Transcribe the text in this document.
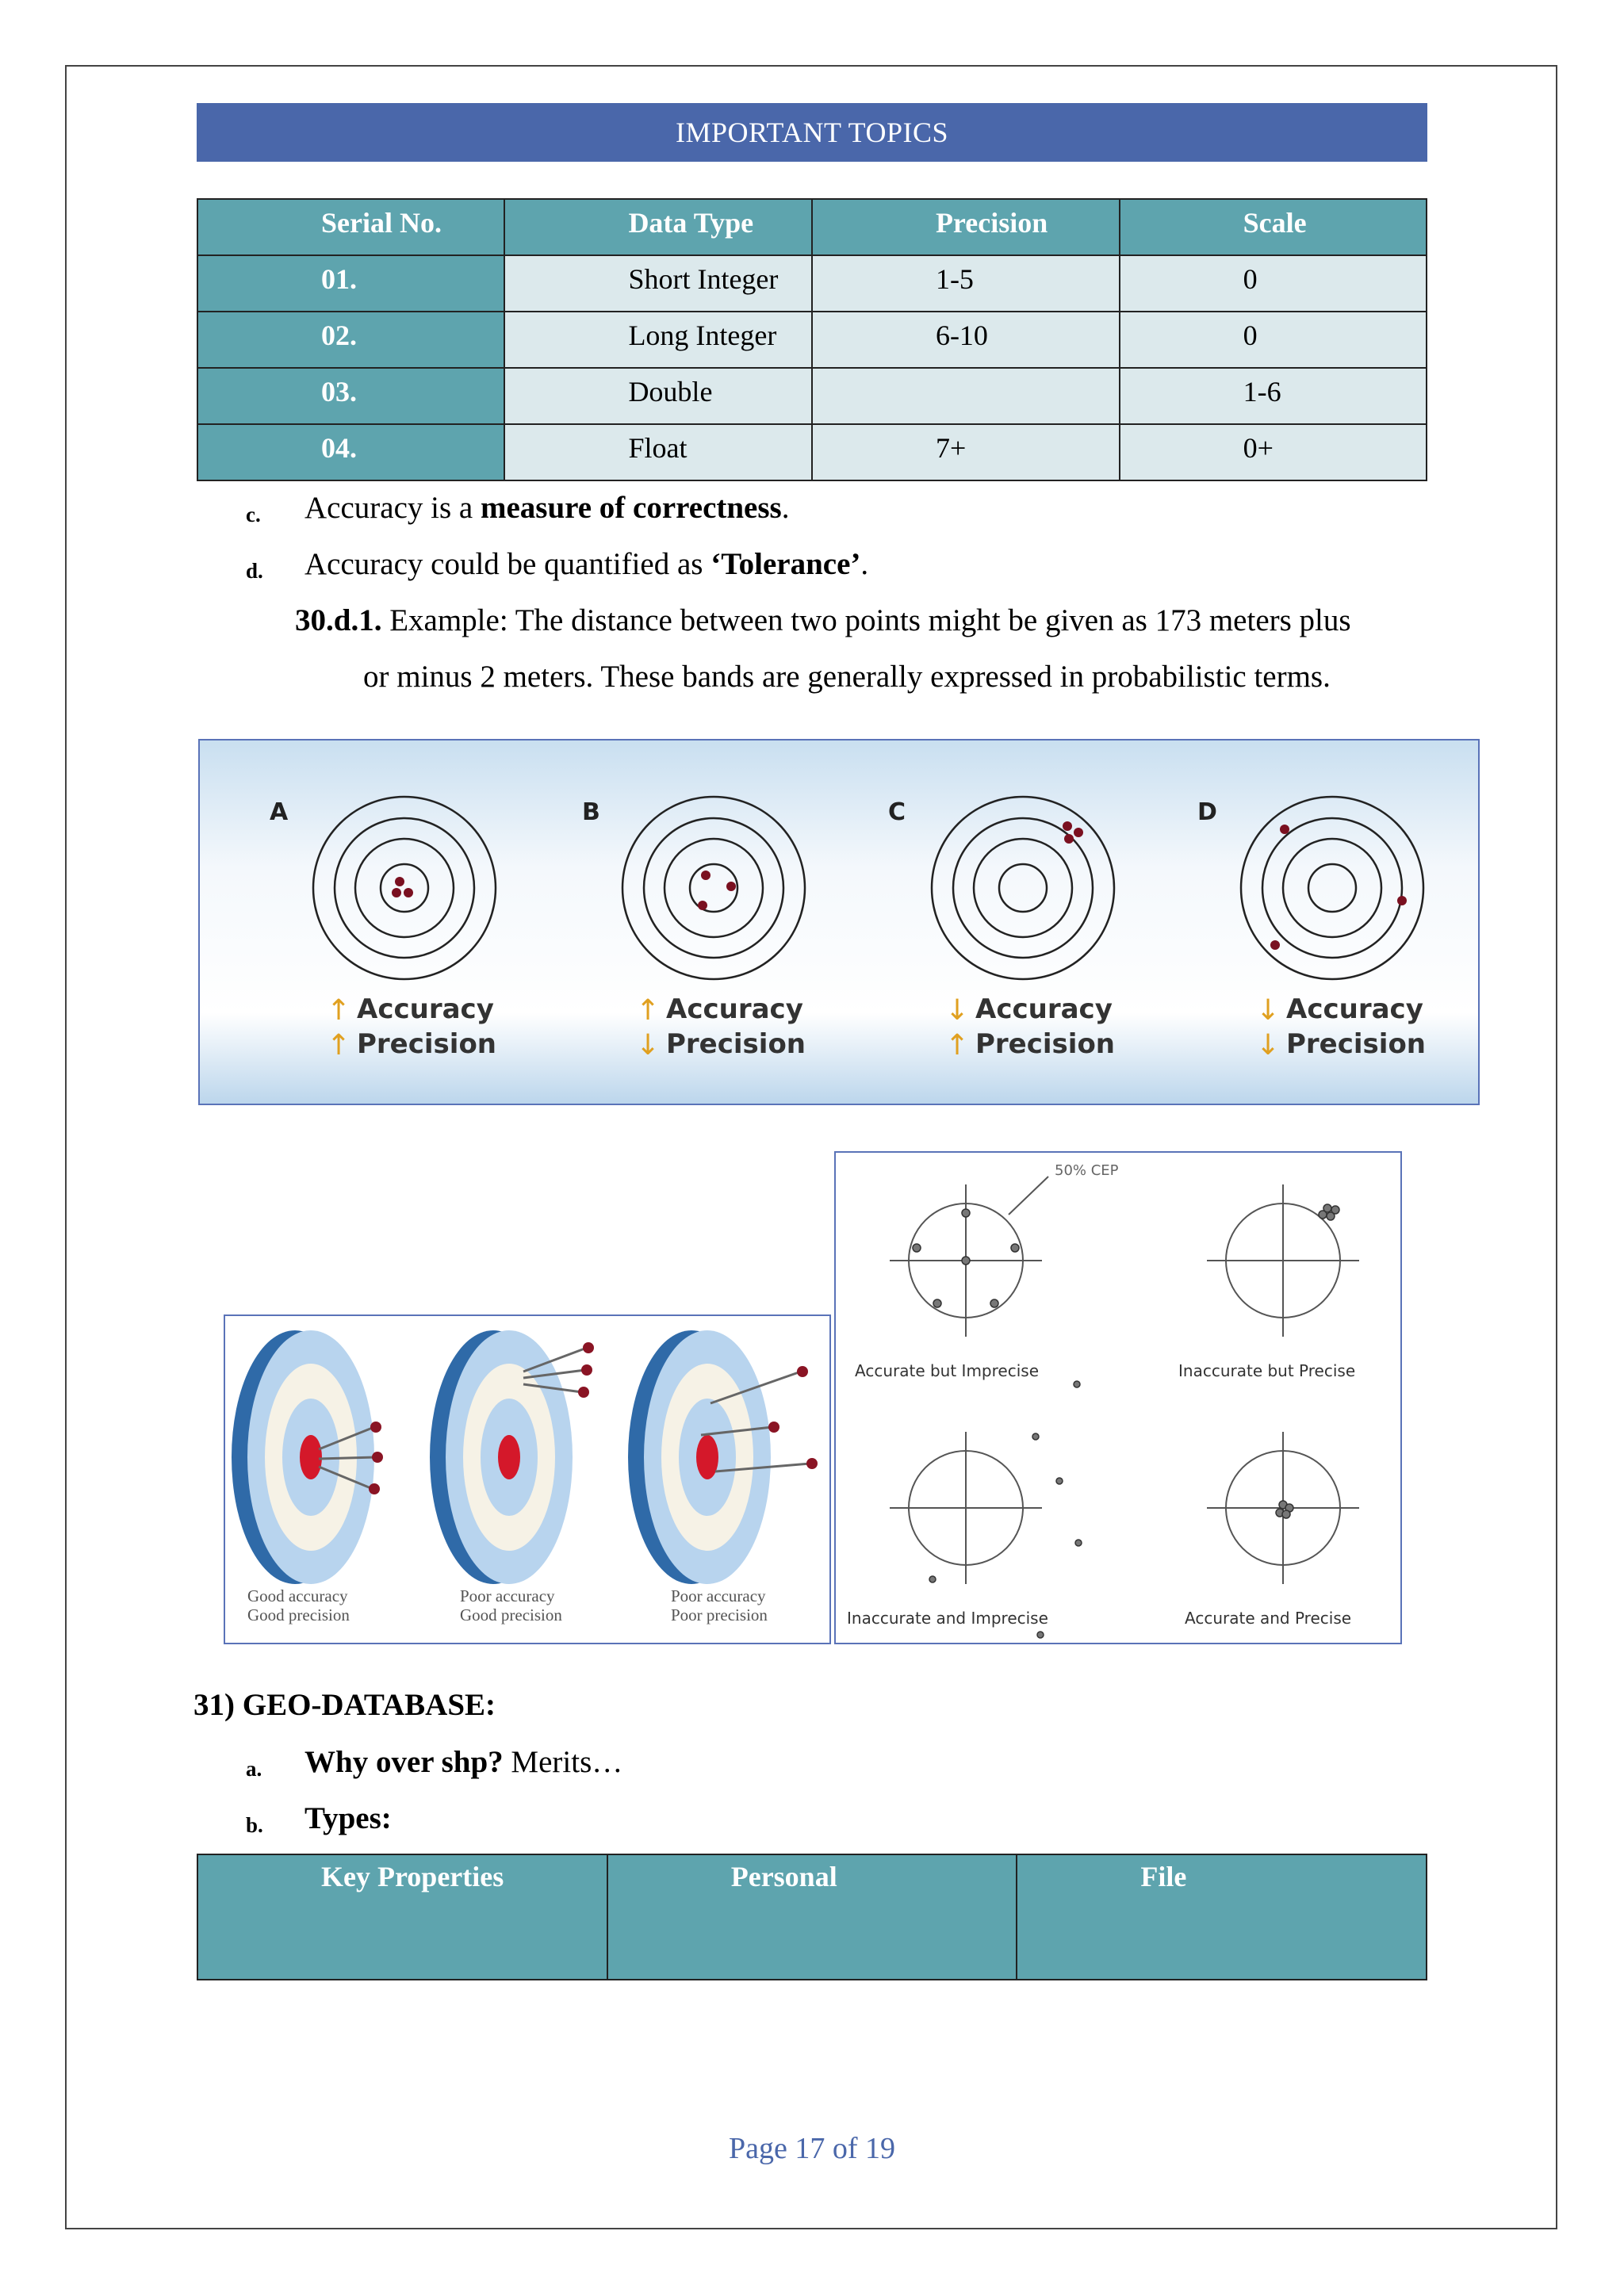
IMPORTANT TOPICS
Serial No.	Data Type	Precision	Scale
01.	Short Integer	1-5	0
02.	Long Integer	6-10	0
03.	Double		1-6
04.	Float	7+	0+
c. Accuracy is a measure of correctness.
d. Accuracy could be quantified as ‘Tolerance’.
30.d.1. Example: The distance between two points might be given as 173 meters plus
or minus 2 meters. These bands are generally expressed in probabilistic terms.
A
↑
↑
Accuracy
Precision
B
↑
↓
Accuracy
Precision
C
↓
↑
Accuracy
Precision
D
↓
↓
Accuracy
Precision
Good accuracy
Good precision
Poor accuracy
Good precision
Poor accuracy
Poor precision
50% CEP
Accurate but Imprecise	Inaccurate but Precise
Inaccurate and Imprecise	Accurate and Precise
31) GEO-DATABASE:
a. Why over shp? Merits…
b. Types:
Key Properties	Personal	File
Page 17 of 19
